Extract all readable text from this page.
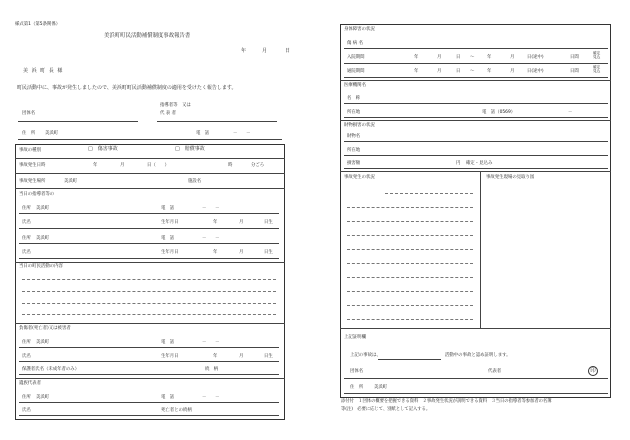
様式第1（第5条関係）
美浜町町民活動補償制度事故報告書
年	月	日
美 浜 町 長 様
町民活動中に、事故が発生しましたので、美浜町町民活動補償制度の適用を受けたく報告します。
指導者等　又は
代 表 者
団体名
住　所 美浜町	電　話	－　　－
事故の種別	□　傷害事故	□　賠償事故
事故発生日時	年	月	日（　　）	時	分ごろ
事故発生場所	美浜町	施設名
当日の指導者等の
住所 美浜町	電　話	－　　－
氏名	生年月日	年	月	日生
住所 美浜町	電　話	－　　－
氏名	生年月日	年	月	日生
当日の町民活動の内容
負傷者(死亡者)又は被害者
住所 美浜町	電　話	－　　－
氏名	生年月日	年	月	日生
保護者氏名（未成年者のみ）	続　柄
遺族代表者
住所 美浜町	電　話	－　　－
氏名	死亡者との続柄
身体障害の状況
傷 病 名
入院期間	年	月	日 ～	年	月	日(途中)	日間
確定
見込
通院期間	年	月	日 ～	年	月	日(途中)	日間
確定
見込
医療機関名
名　称
所在地	電　話（0569）	－
財物損害の状況
財物名
所在地
損害額	円 確定・見込み
事故発生の状況	事故発生現場の見取り図
上記証明欄
上記の事故は、	活動中の事故と認め証明します。
団体名	代表者	印
住　所 美浜町
添付付　１団体の概要を把握できる資料　２事故発生状況が説明できる資料　３当日の指導者等参加者の名簿
等(注)　必要に応じて、別紙として記入する。
